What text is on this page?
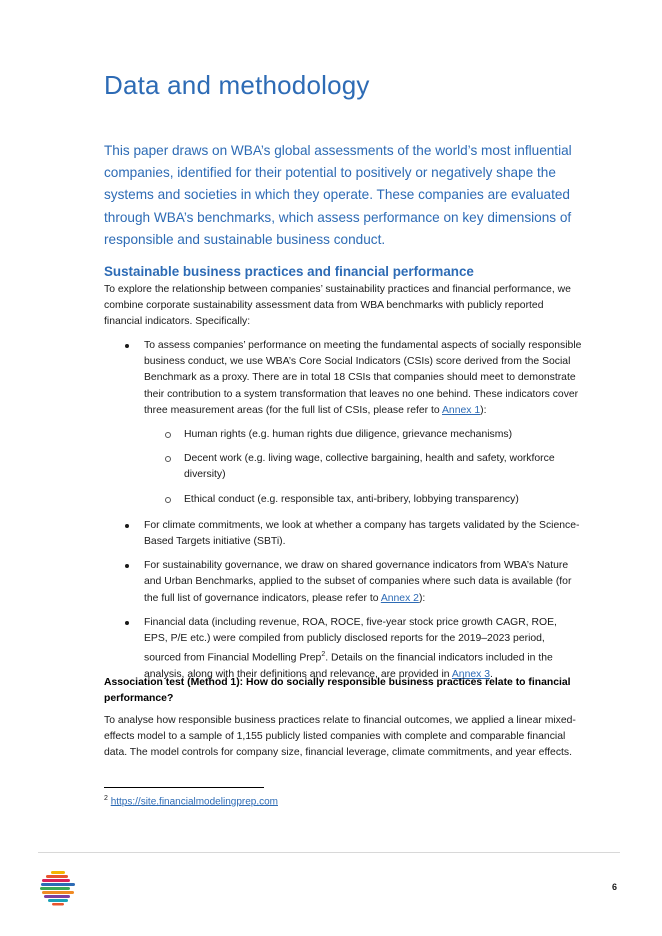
Data and methodology

This paper draws on WBA’s global assessments of the world’s most influential companies, identified for their potential to positively or negatively shape the systems and societies in which they operate. These companies are evaluated through WBA’s benchmarks, which assess performance on key dimensions of responsible and sustainable business conduct.

Sustainable business practices and financial performance

To explore the relationship between companies’ sustainability practices and financial performance, we combine corporate sustainability assessment data from WBA benchmarks with publicly reported financial indicators. Specifically:

To assess companies’ performance on meeting the fundamental aspects of socially responsible business conduct, we use WBA’s Core Social Indicators (CSIs) score derived from the Social Benchmark as a proxy. There are in total 18 CSIs that companies should meet to demonstrate their contribution to a system transformation that leaves no one behind. These indicators cover three measurement areas (for the full list of CSIs, please refer to Annex 1):
Human rights (e.g. human rights due diligence, grievance mechanisms)
Decent work (e.g. living wage, collective bargaining, health and safety, workforce diversity)
Ethical conduct (e.g. responsible tax, anti-bribery, lobbying transparency)
For climate commitments, we look at whether a company has targets validated by the Science-Based Targets initiative (SBTi).
For sustainability governance, we draw on shared governance indicators from WBA’s Nature and Urban Benchmarks, applied to the subset of companies where such data is available (for the full list of governance indicators, please refer to Annex 2):
Financial data (including revenue, ROA, ROCE, five-year stock price growth CAGR, ROE, EPS, P/E etc.) were compiled from publicly disclosed reports for the 2019–2023 period, sourced from Financial Modelling Prep$^2$. Details on the financial indicators included in the analysis, along with their definitions and relevance, are provided in Annex 3.

Association test (Method 1): How do socially responsible business practices relate to financial performance?

To analyse how responsible business practices relate to financial outcomes, we applied a linear mixed-effects model to a sample of 1,155 publicly listed companies with complete and comparable financial data. The model controls for company size, financial leverage, climate commitments, and year effects.

$^2$ https://site.financialmodelingprep.com

6
